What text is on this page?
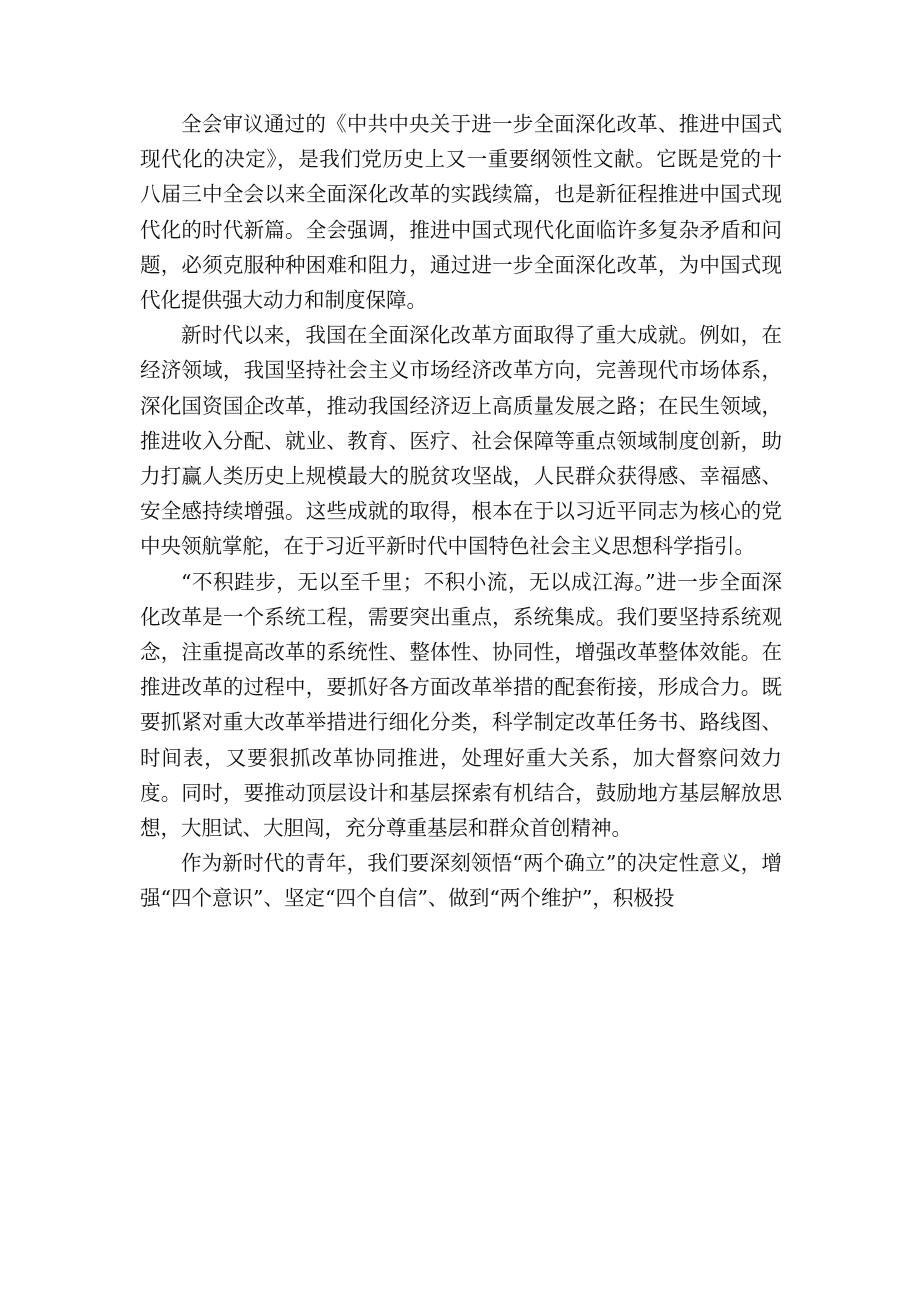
全会审议通过的《中共中央关于进一步全面深化改革、推进中国式现代化的决定》，是我们党历史上又一重要纲领性文献。它既是党的十八届三中全会以来全面深化改革的实践续篇，也是新征程推进中国式现代化的时代新篇。全会强调，推进中国式现代化面临许多复杂矛盾和问题，必须克服种种困难和阻力，通过进一步全面深化改革，为中国式现代化提供强大动力和制度保障。

新时代以来，我国在全面深化改革方面取得了重大成就。例如，在经济领域，我国坚持社会主义市场经济改革方向，完善现代市场体系，深化国资国企改革，推动我国经济迈上高质量发展之路；在民生领域，推进收入分配、就业、教育、医疗、社会保障等重点领域制度创新，助力打赢人类历史上规模最大的脱贫攻坚战，人民群众获得感、幸福感、安全感持续增强。这些成就的取得，根本在于以习近平同志为核心的党中央领航掌舵，在于习近平新时代中国特色社会主义思想科学指引。

“不积跬步，无以至千里；不积小流，无以成江海。”进一步全面深化改革是一个系统工程，需要突出重点，系统集成。我们要坚持系统观念，注重提高改革的系统性、整体性、协同性，增强改革整体效能。在推进改革的过程中，要抓好各方面改革举措的配套衔接，形成合力。既要抓紧对重大改革举措进行细化分类，科学制定改革任务书、路线图、时间表，又要狠抓改革协同推进，处理好重大关系，加大督察问效力度。同时，要推动顶层设计和基层探索有机结合，鼓励地方基层解放思想，大胆试、大胆闯，充分尊重基层和群众首创精神。

作为新时代的青年，我们要深刻领悟“两个确立”的决定性意义，增强“四个意识”、坚定“四个自信”、做到“两个维护”，积极投
